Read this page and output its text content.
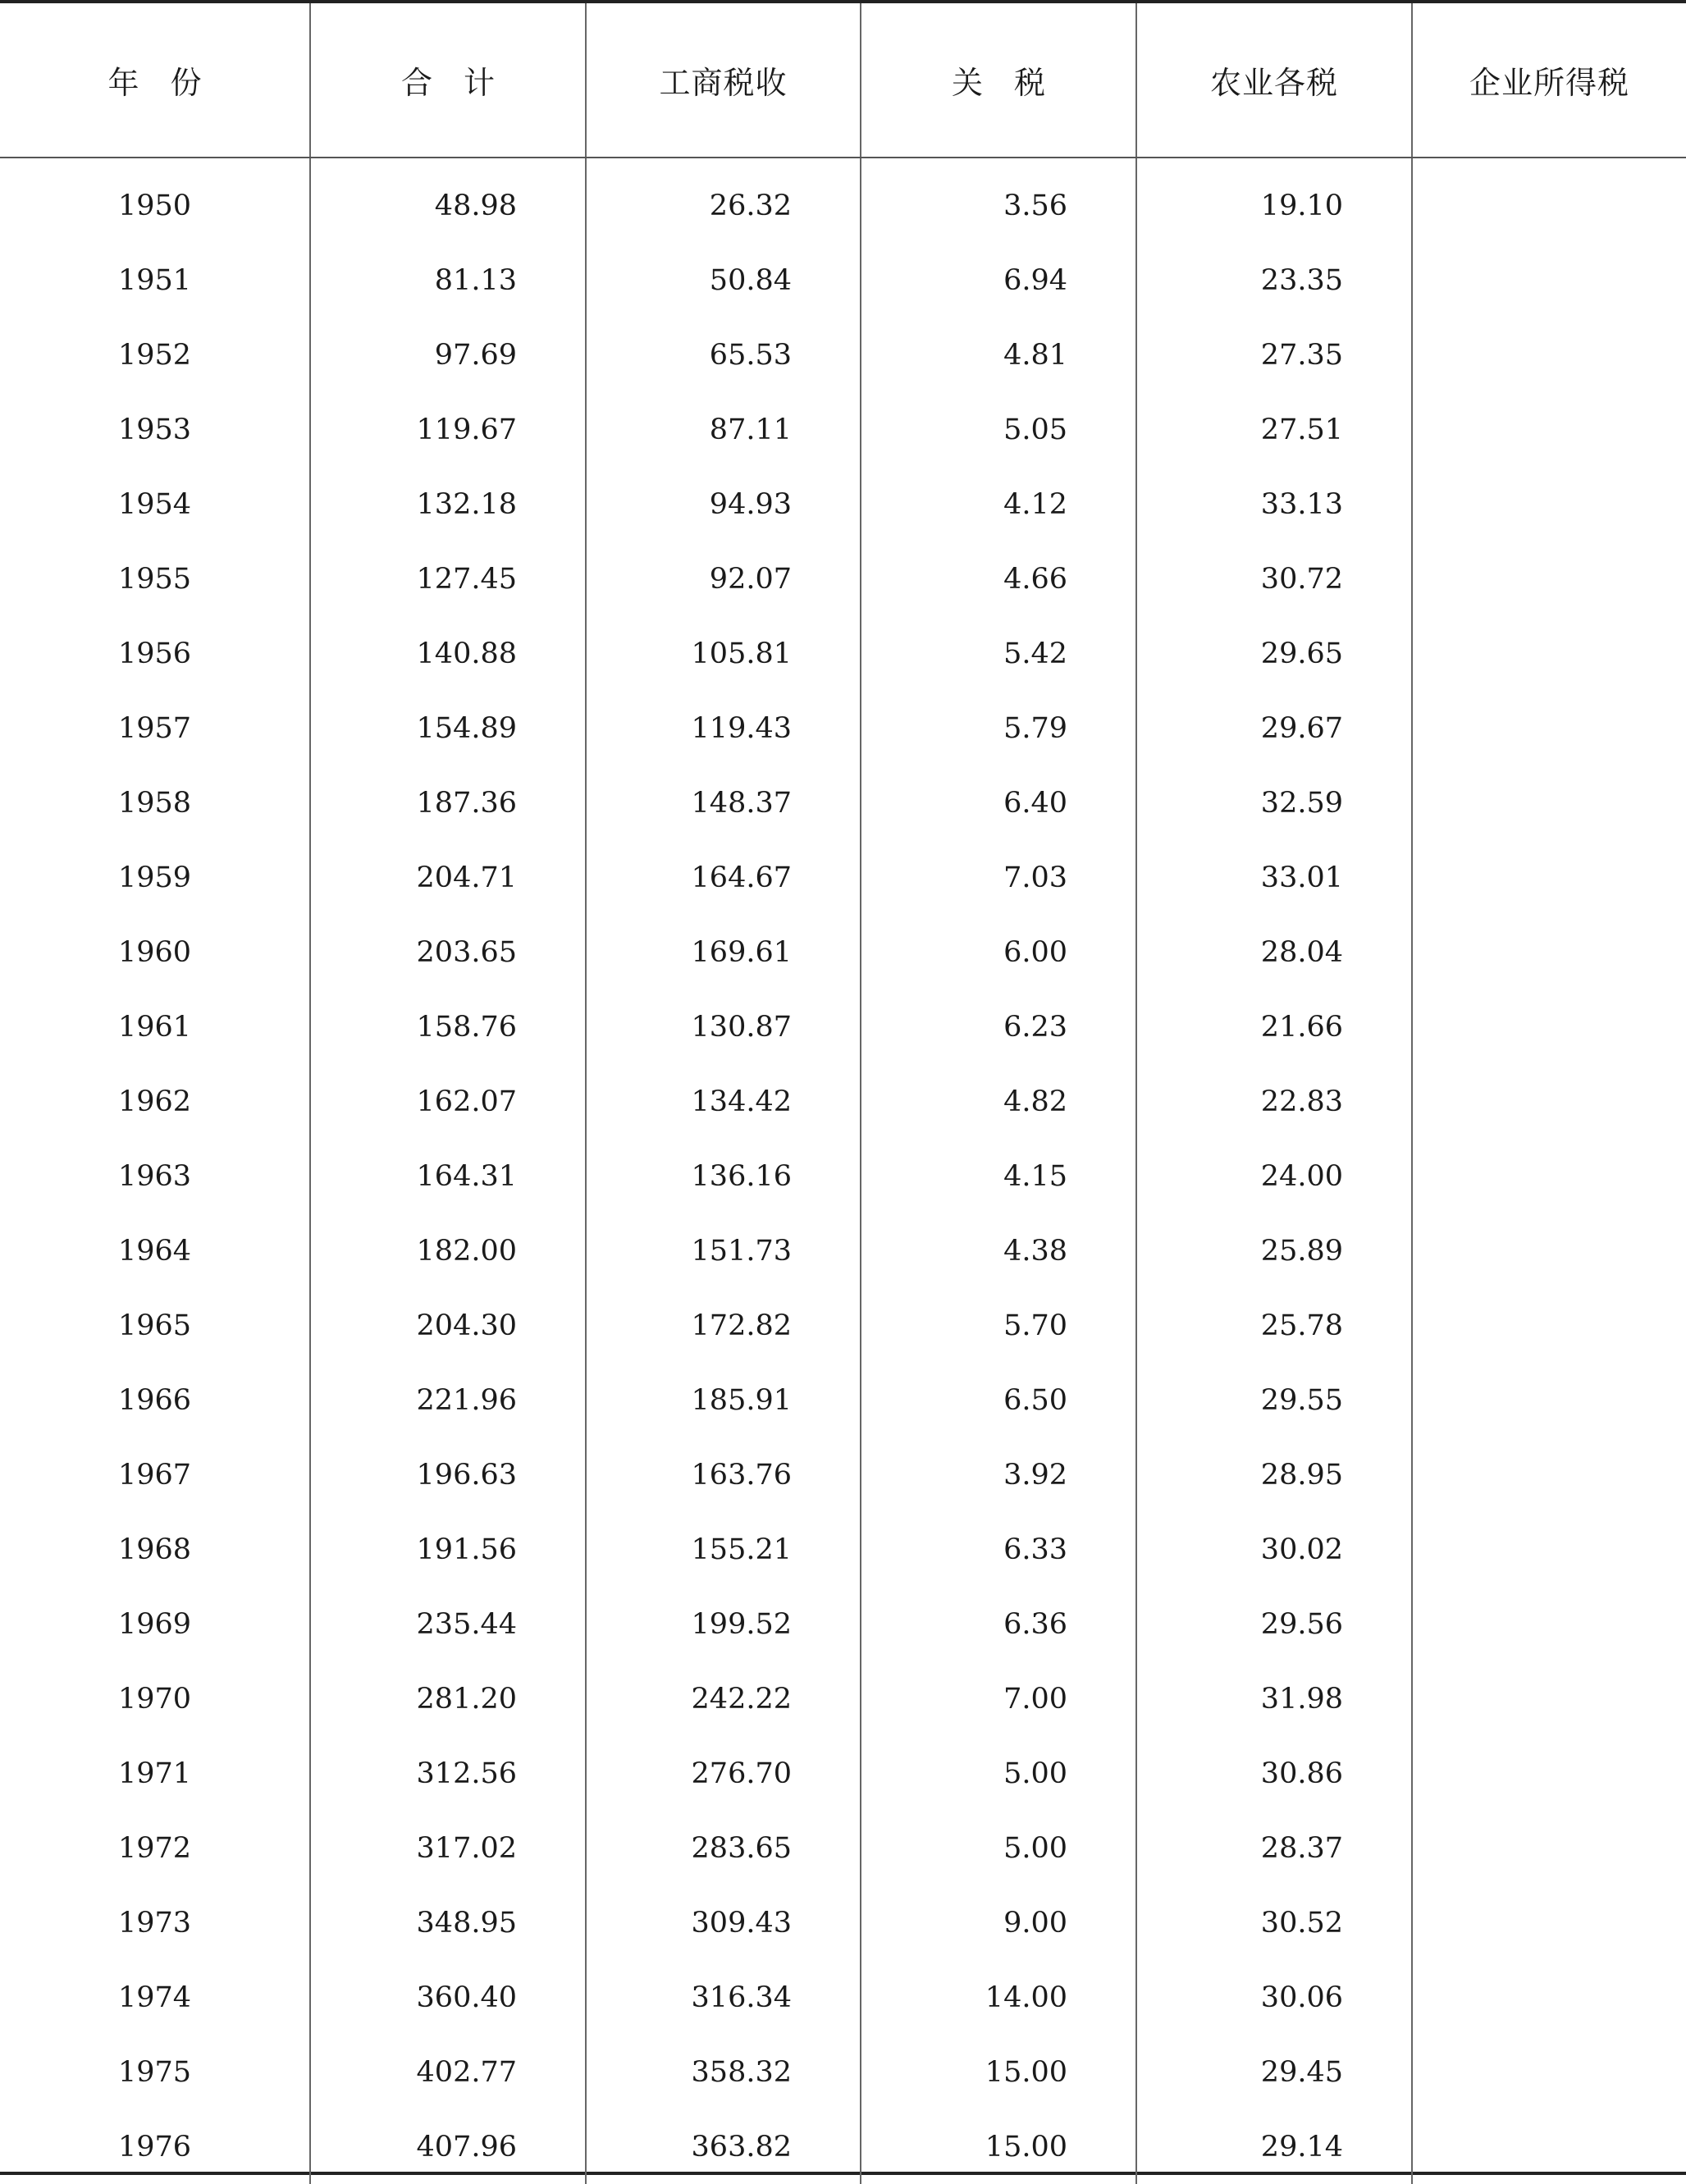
年份	合计	工商税收	关税	农业各税	企业所得税
1950	48.98	26.32	3.56	19.10	
1951	81.13	50.84	6.94	23.35	
1952	97.69	65.53	4.81	27.35	
1953	119.67	87.11	5.05	27.51	
1954	132.18	94.93	4.12	33.13	
1955	127.45	92.07	4.66	30.72	
1956	140.88	105.81	5.42	29.65	
1957	154.89	119.43	5.79	29.67	
1958	187.36	148.37	6.40	32.59	
1959	204.71	164.67	7.03	33.01	
1960	203.65	169.61	6.00	28.04	
1961	158.76	130.87	6.23	21.66	
1962	162.07	134.42	4.82	22.83	
1963	164.31	136.16	4.15	24.00	
1964	182.00	151.73	4.38	25.89	
1965	204.30	172.82	5.70	25.78	
1966	221.96	185.91	6.50	29.55	
1967	196.63	163.76	3.92	28.95	
1968	191.56	155.21	6.33	30.02	
1969	235.44	199.52	6.36	29.56	
1970	281.20	242.22	7.00	31.98	
1971	312.56	276.70	5.00	30.86	
1972	317.02	283.65	5.00	28.37	
1973	348.95	309.43	9.00	30.52	
1974	360.40	316.34	14.00	30.06	
1975	402.77	358.32	15.00	29.45	
1976	407.96	363.82	15.00	29.14	
